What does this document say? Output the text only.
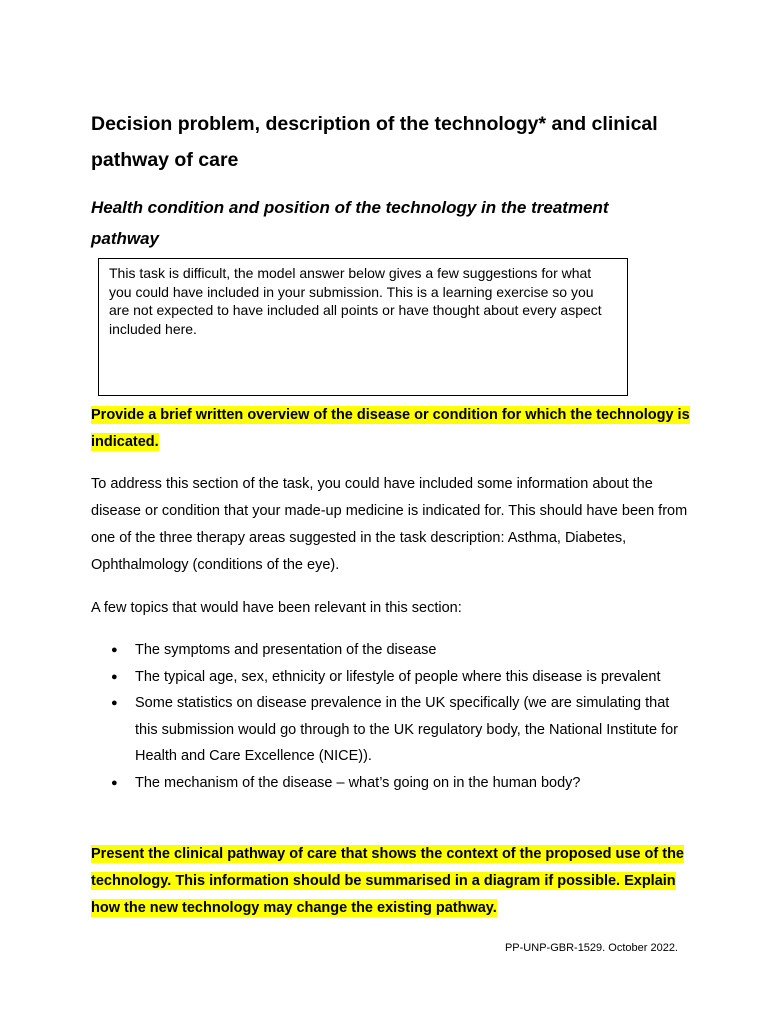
Decision problem, description of the technology* and clinical pathway of care
Health condition and position of the technology in the treatment pathway
This task is difficult, the model answer below gives a few suggestions for what you could have included in your submission. This is a learning exercise so you are not expected to have included all points or have thought about every aspect included here.

Provide a brief written overview of the disease or condition for which the technology is indicated.

To address this section of the task, you could have included some information about the disease or condition that your made-up medicine is indicated for. This should have been from one of the three therapy areas suggested in the task description: Asthma, Diabetes, Ophthalmology (conditions of the eye).

A few topics that would have been relevant in this section:

● The symptoms and presentation of the disease
● The typical age, sex, ethnicity or lifestyle of people where this disease is prevalent
● Some statistics on disease prevalence in the UK specifically (we are simulating that this submission would go through to the UK regulatory body, the National Institute for Health and Care Excellence (NICE)).
● The mechanism of the disease – what’s going on in the human body?

Present the clinical pathway of care that shows the context of the proposed use of the technology. This information should be summarised in a diagram if possible. Explain how the new technology may change the existing pathway.

PP-UNP-GBR-1529. October 2022.
